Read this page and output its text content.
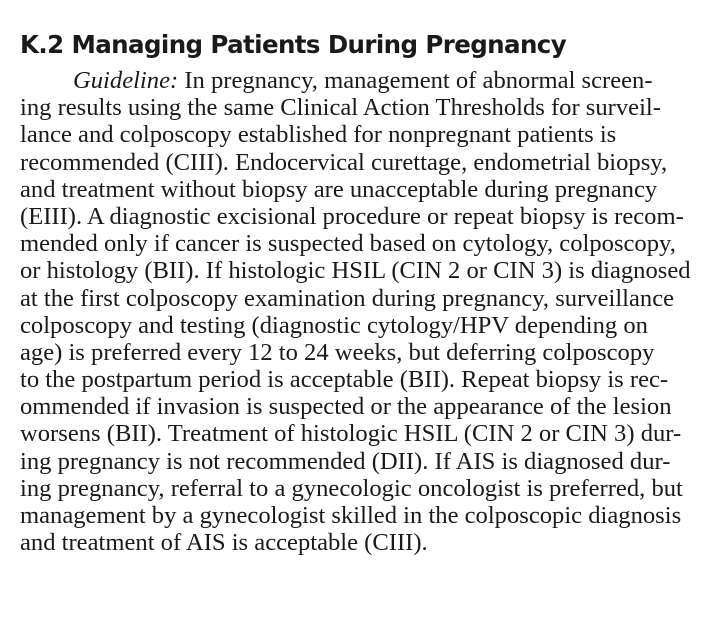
K.2 Managing Patients During Pregnancy
Guideline: In pregnancy, management of abnormal screen-
ing results using the same Clinical Action Thresholds for surveil-
lance and colposcopy established for nonpregnant patients is
recommended (CIII). Endocervical curettage, endometrial biopsy,
and treatment without biopsy are unacceptable during pregnancy
(EIII). A diagnostic excisional procedure or repeat biopsy is recom-
mended only if cancer is suspected based on cytology, colposcopy,
or histology (BII). If histologic HSIL (CIN 2 or CIN 3) is diagnosed
at the first colposcopy examination during pregnancy, surveillance
colposcopy and testing (diagnostic cytology/HPV depending on
age) is preferred every 12 to 24 weeks, but deferring colposcopy
to the postpartum period is acceptable (BII). Repeat biopsy is rec-
ommended if invasion is suspected or the appearance of the lesion
worsens (BII). Treatment of histologic HSIL (CIN 2 or CIN 3) dur-
ing pregnancy is not recommended (DII). If AIS is diagnosed dur-
ing pregnancy, referral to a gynecologic oncologist is preferred, but
management by a gynecologist skilled in the colposcopic diagnosis
and treatment of AIS is acceptable (CIII).
